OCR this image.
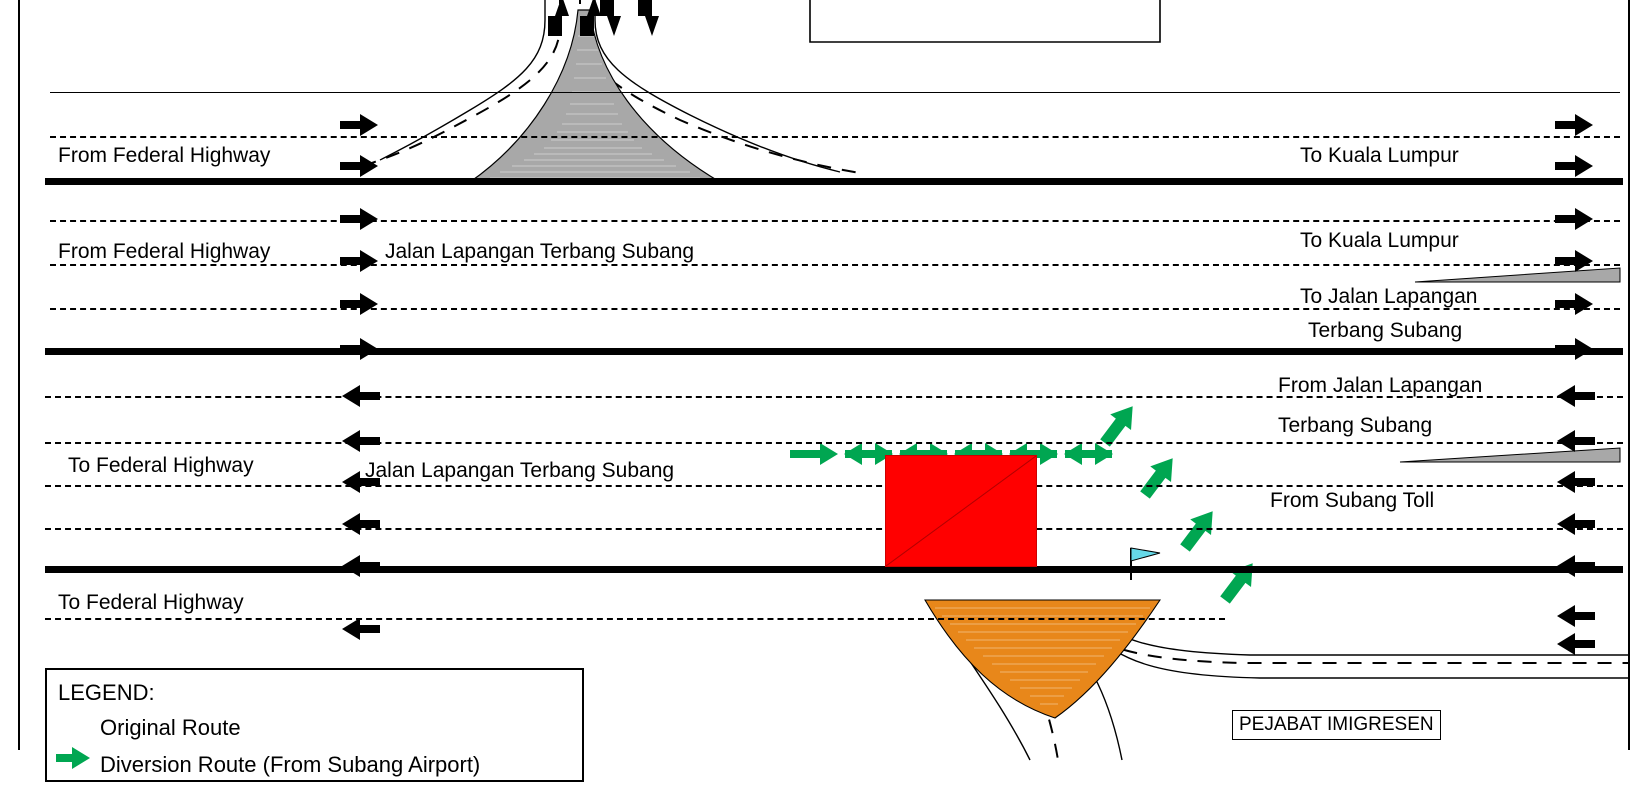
From Federal Highway
From Federal Highway	Jalan Lapangan Terbang Subang
To Kuala Lumpur
To Kuala Lumpur
To Jalan Lapangan
Terbang Subang
From Jalan Lapangan
Terbang Subang
From Subang Toll
To Federal Highway	Jalan Lapangan Terbang Subang
To Federal Highway
PEJABAT IMIGRESEN
LEGEND:
Original Route
Diversion Route (From Subang Airport)
